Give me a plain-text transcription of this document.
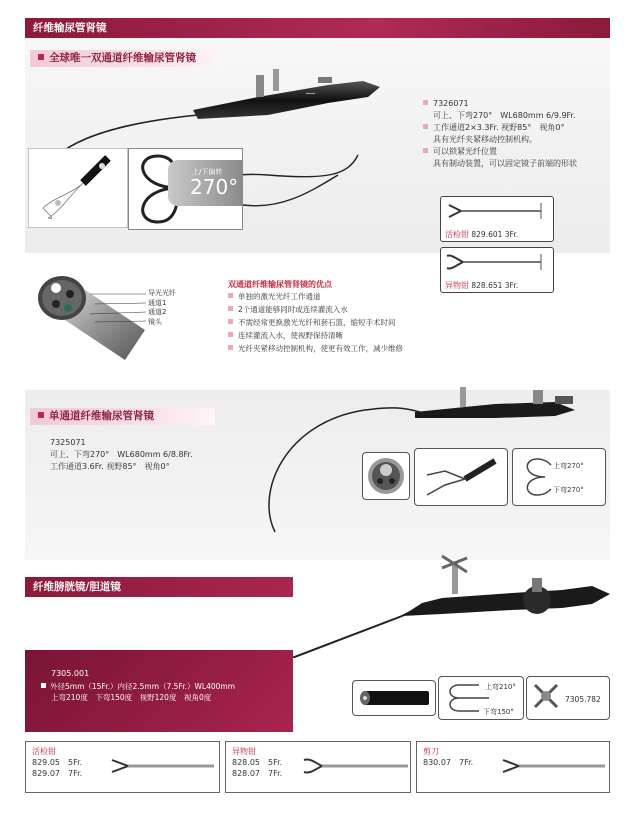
纤维输尿管肾镜
全球唯一双通道纤维输尿管肾镜
━━━
上/下偏转
270°
7326071
可上、下弯270°　WL680mm 6/9.9Fr.
工作通道2×3.3Fr. 视野85°　视角0°
具有光纤夹紧移动控制机构。
可以锁紧光纤位置
具有制动装置，可以固定镜子前端的形状
活检钳 829.601 3Fr.
异物钳 828.651 3Fr.
导光光纤
通道1
通道2
镜头
双通道纤维输尿管肾镜的优点
单独的激光光纤工作通道
2个通道能够同时或连续灌流入水
不需经常更换激光光纤和套石篮，缩短手术时间
连续灌流入水，使视野保持清晰
光纤夹紧移动控制机构，使更有效工作，减少维修
单通道纤维输尿管肾镜
7325071
可上、下弯270°　WL680mm 6/8.8Fr.
工作通道3.6Fr. 视野85°　视角0°	上弯270°
下弯270°
纤维膀胱镜/胆道镜
7305.001
外径5mm（15Fr.）内径2.5mm（7.5Fr.）WL400mm
上弯210度　下弯150度　视野120度　视角0度
上弯210°
下弯150°
7305.782
活检钳
829.05　5Fr.
829.07　7Fr.
异物钳
828.05　5Fr.
828.07　7Fr.
剪刀
830.07　7Fr.
